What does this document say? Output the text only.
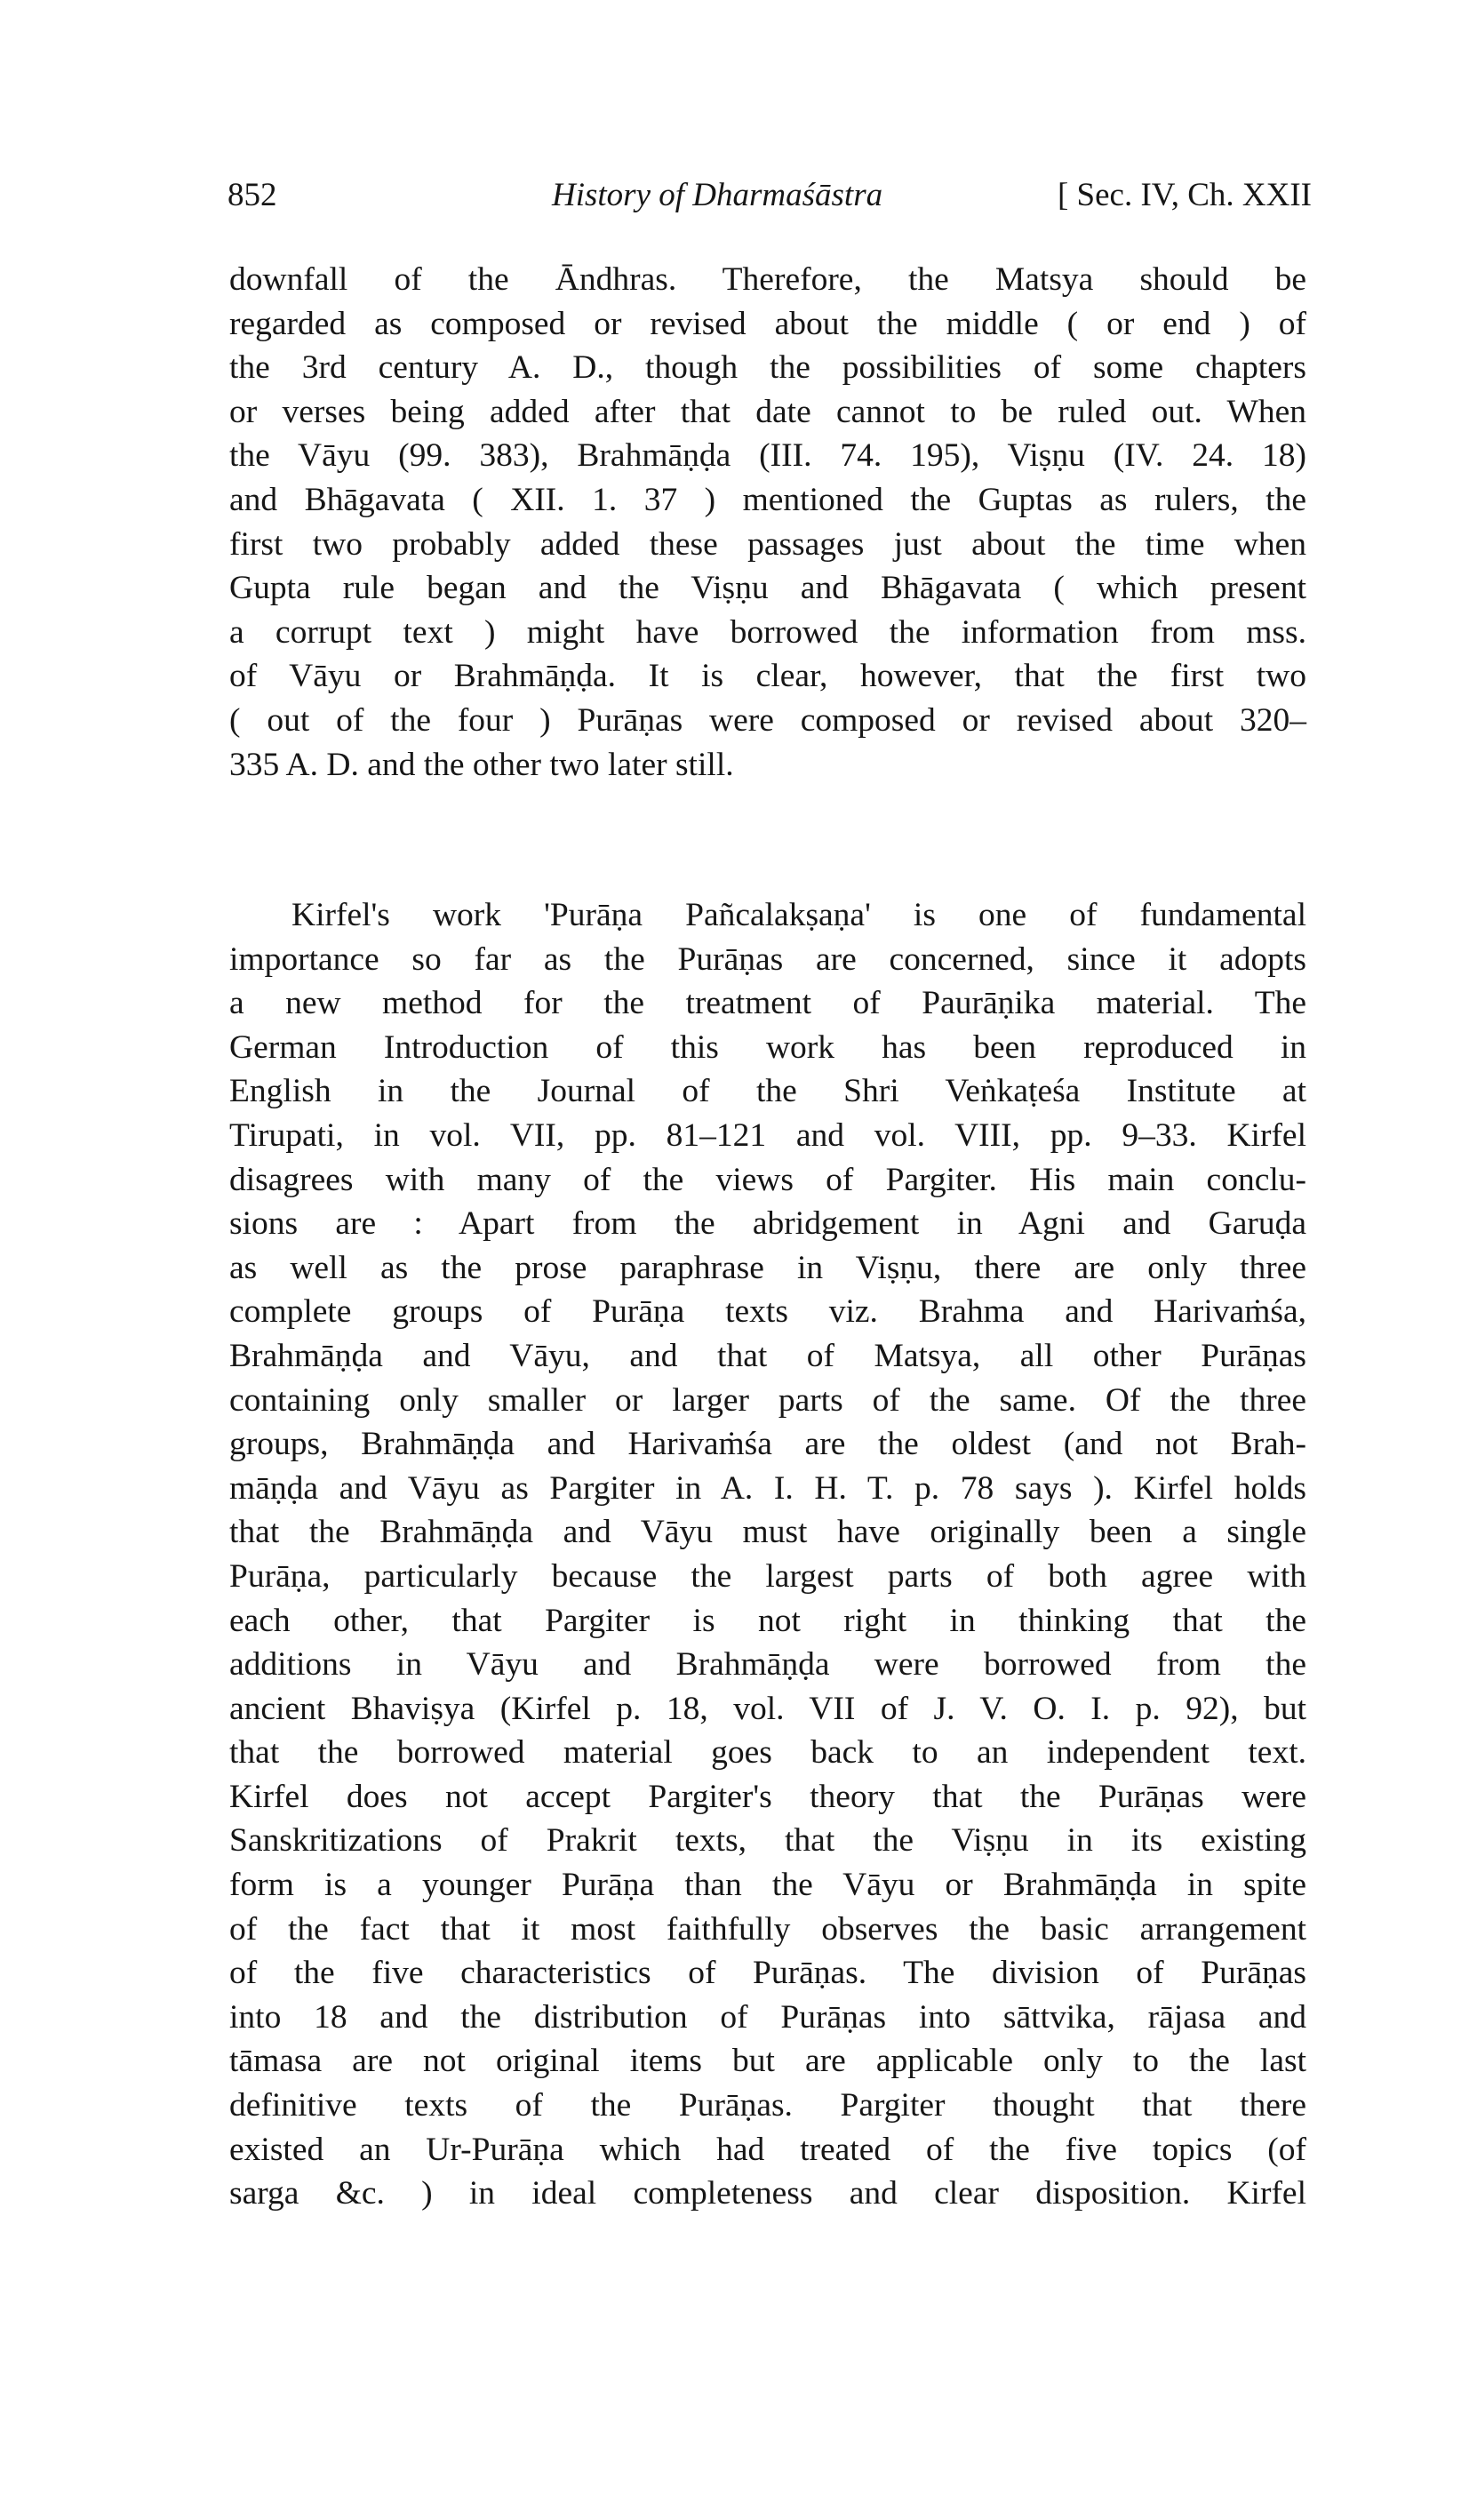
852	History of Dharmaśāstra	[ Sec. IV, Ch. XXII
downfall of the Āndhras. Therefore, the Matsya should be
regarded as composed or revised about the middle ( or end ) of
the 3rd century A. D., though the possibilities of some chapters
or verses being added after that date cannot to be ruled out. When
the Vāyu (99. 383), Brahmāṇḍa (III. 74. 195), Viṣṇu (IV. 24. 18)
and Bhāgavata ( XII. 1. 37 ) mentioned the Guptas as rulers, the
first two probably added these passages just about the time when
Gupta rule began and the Viṣṇu and Bhāgavata ( which present
a corrupt text ) might have borrowed the information from mss.
of Vāyu or Brahmāṇḍa. It is clear, however, that the first two
( out of the four ) Purāṇas were composed or revised about 320–
335 A. D. and the other two later still.
Kirfel's work 'Purāṇa Pañcalakṣaṇa' is one of fundamental
importance so far as the Purāṇas are concerned, since it adopts
a new method for the treatment of Paurāṇika material. The
German Introduction of this work has been reproduced in
English in the Journal of the Shri Veṅkaṭeśa Institute at
Tirupati, in vol. VII, pp. 81–121 and vol. VIII, pp. 9–33. Kirfel
disagrees with many of the views of Pargiter. His main conclu-
sions are : Apart from the abridgement in Agni and Garuḍa
as well as the prose paraphrase in Viṣṇu, there are only three
complete groups of Purāṇa texts viz. Brahma and Harivaṁśa,
Brahmāṇḍa and Vāyu, and that of Matsya, all other Purāṇas
containing only smaller or larger parts of the same. Of the three
groups, Brahmāṇḍa and Harivaṁśa are the oldest (and not Brah-
māṇḍa and Vāyu as Pargiter in A. I. H. T. p. 78 says ). Kirfel holds
that the Brahmāṇḍa and Vāyu must have originally been a single
Purāṇa, particularly because the largest parts of both agree with
each other, that Pargiter is not right in thinking that the
additions in Vāyu and Brahmāṇḍa were borrowed from the
ancient Bhaviṣya (Kirfel p. 18, vol. VII of J. V. O. I. p. 92), but
that the borrowed material goes back to an independent text.
Kirfel does not accept Pargiter's theory that the Purāṇas were
Sanskritizations of Prakrit texts, that the Viṣṇu in its existing
form is a younger Purāṇa than the Vāyu or Brahmāṇḍa in spite
of the fact that it most faithfully observes the basic arrangement
of the five characteristics of Purāṇas. The division of Purāṇas
into 18 and the distribution of Purāṇas into sāttvika, rājasa and
tāmasa are not original items but are applicable only to the last
definitive texts of the Purāṇas. Pargiter thought that there
existed an Ur-Purāṇa which had treated of the five topics (of
sarga &c. ) in ideal completeness and clear disposition. Kirfel
